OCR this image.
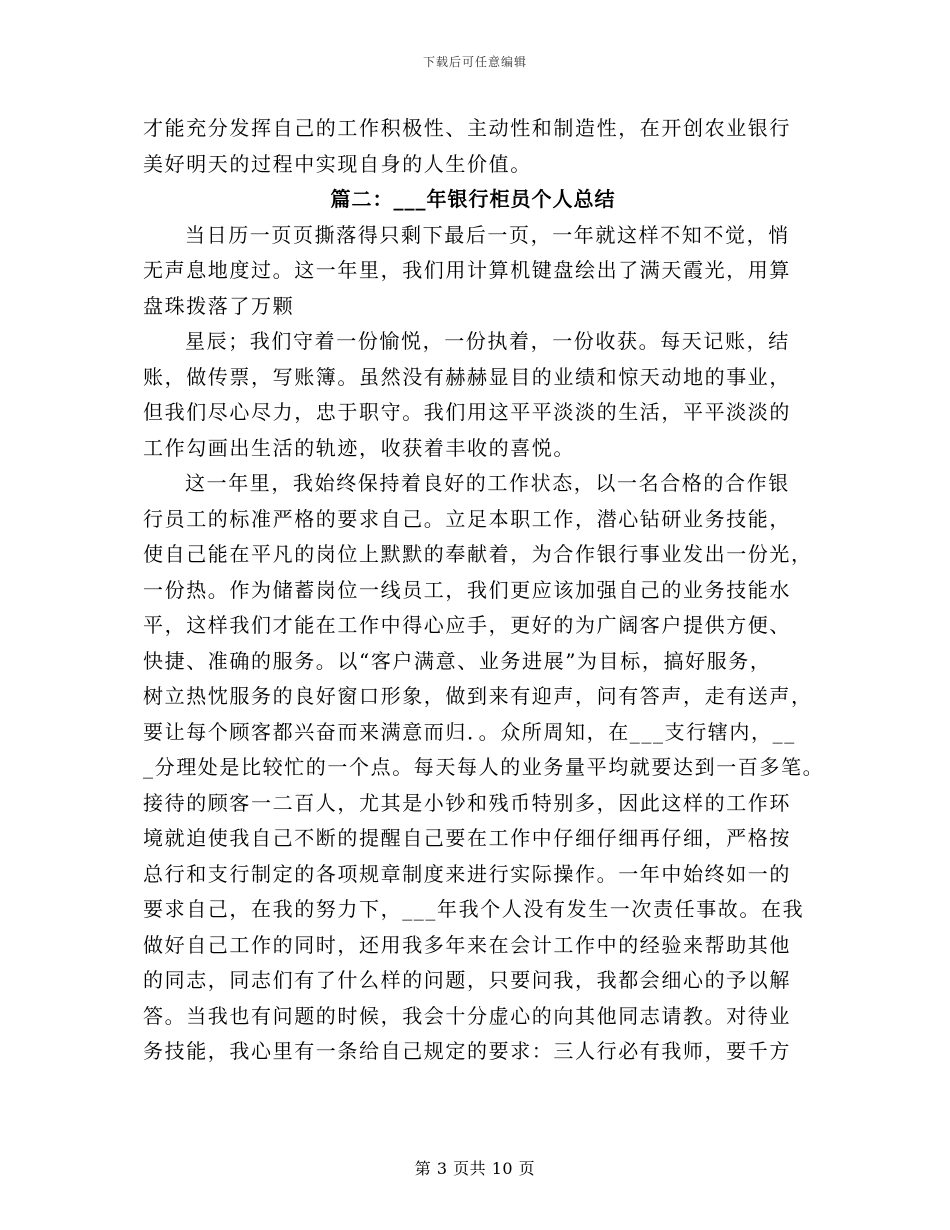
下载后可任意编辑
才能充分发挥自己的工作积极性、主动性和制造性，在开创农业银行
美好明天的过程中实现自身的人生价值。
篇二：___年银行柜员个人总结
当日历一页页撕落得只剩下最后一页，一年就这样不知不觉，悄
无声息地度过。这一年里，我们用计算机键盘绘出了满天霞光，用算
盘珠拨落了万颗
星辰；我们守着一份愉悦，一份执着，一份收获。每天记账，结
账，做传票，写账簿。虽然没有赫赫显目的业绩和惊天动地的事业，
但我们尽心尽力，忠于职守。我们用这平平淡淡的生活，平平淡淡的
工作勾画出生活的轨迹，收获着丰收的喜悦。
这一年里，我始终保持着良好的工作状态，以一名合格的合作银
行员工的标准严格的要求自己。立足本职工作，潜心钻研业务技能，
使自己能在平凡的岗位上默默的奉献着，为合作银行事业发出一份光，
一份热。作为储蓄岗位一线员工，我们更应该加强自己的业务技能水
平，这样我们才能在工作中得心应手，更好的为广阔客户提供方便、
快捷、准确的服务。以“客户满意、业务进展”为目标，搞好服务，
树立热忱服务的良好窗口形象，做到来有迎声，问有答声，走有送声，
要让每个顾客都兴奋而来满意而归．。众所周知，在___支行辖内，__
_分理处是比较忙的一个点。每天每人的业务量平均就要达到一百多笔。
接待的顾客一二百人，尤其是小钞和残币特别多，因此这样的工作环
境就迫使我自己不断的提醒自己要在工作中仔细仔细再仔细，严格按
总行和支行制定的各项规章制度来进行实际操作。一年中始终如一的
要求自己，在我的努力下，___年我个人没有发生一次责任事故。在我
做好自己工作的同时，还用我多年来在会计工作中的经验来帮助其他
的同志，同志们有了什么样的问题，只要问我，我都会细心的予以解
答。当我也有问题的时候，我会十分虚心的向其他同志请教。对待业
务技能，我心里有一条给自己规定的要求：三人行必有我师，要千方
第 3 页共 10 页
